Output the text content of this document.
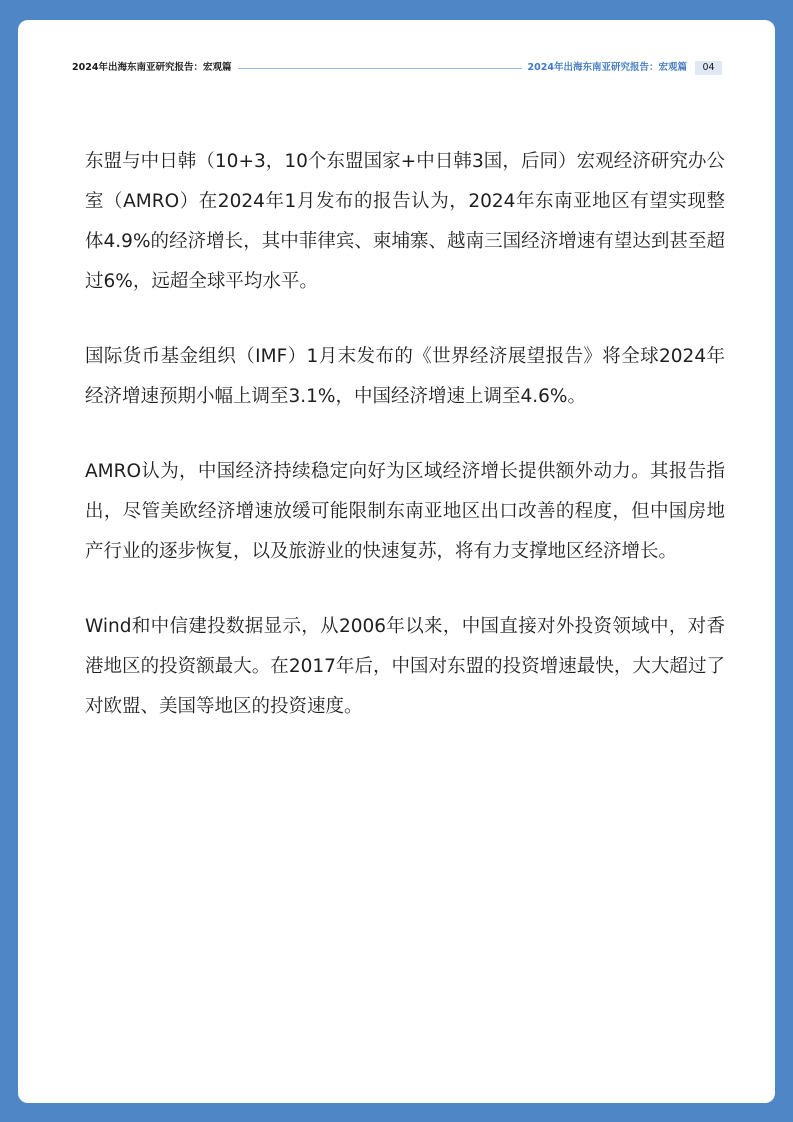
2024年出海东南亚研究报告：宏观篇	2024年出海东南亚研究报告：宏观篇	04

东盟与中日韩（10+3，10个东盟国家+中日韩3国，后同）宏观经济研究办公室（AMRO）在2024年1月发布的报告认为，2024年东南亚地区有望实现整体4.9%的经济增长，其中菲律宾、柬埔寨、越南三国经济增速有望达到甚至超过6%，远超全球平均水平。

国际货币基金组织（IMF）1月末发布的《世界经济展望报告》将全球2024年经济增速预期小幅上调至3.1%，中国经济增速上调至4.6%。

AMRO认为，中国经济持续稳定向好为区域经济增长提供额外动力。其报告指出，尽管美欧经济增速放缓可能限制东南亚地区出口改善的程度，但中国房地产行业的逐步恢复，以及旅游业的快速复苏，将有力支撑地区经济增长。

Wind和中信建投数据显示，从2006年以来，中国直接对外投资领域中，对香港地区的投资额最大。在2017年后，中国对东盟的投资增速最快，大大超过了对欧盟、美国等地区的投资速度。
